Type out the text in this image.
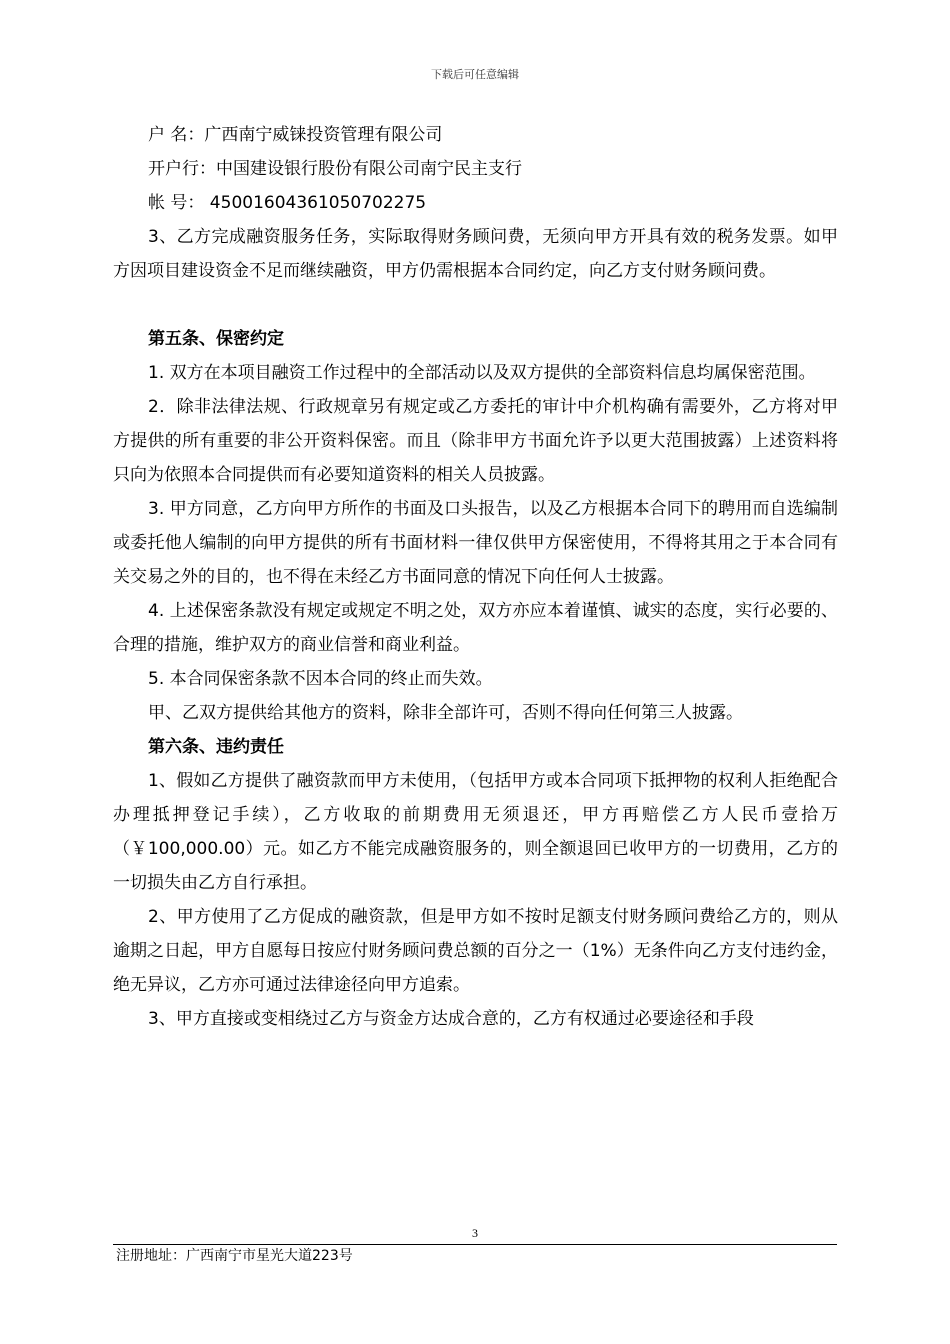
下载后可任意编辑

户 名：广西南宁威铼投资管理有限公司

开户行：中国建设银行股份有限公司南宁民主支行

帐 号： 45001604361050702275

3、乙方完成融资服务任务，实际取得财务顾问费，无须向甲方开具有效的税务发票。如甲方因项目建设资金不足而继续融资，甲方仍需根据本合同约定，向乙方支付财务顾问费。

第五条、保密约定

1. 双方在本项目融资工作过程中的全部活动以及双方提供的全部资料信息均属保密范围。

2．除非法律法规、行政规章另有规定或乙方委托的审计中介机构确有需要外，乙方将对甲方提供的所有重要的非公开资料保密。而且（除非甲方书面允许予以更大范围披露）上述资料将只向为依照本合同提供而有必要知道资料的相关人员披露。

3. 甲方同意，乙方向甲方所作的书面及口头报告，以及乙方根据本合同下的聘用而自选编制或委托他人编制的向甲方提供的所有书面材料一律仅供甲方保密使用，不得将其用之于本合同有关交易之外的目的，也不得在未经乙方书面同意的情况下向任何人士披露。

4. 上述保密条款没有规定或规定不明之处，双方亦应本着谨慎、诚实的态度，实行必要的、合理的措施，维护双方的商业信誉和商业利益。

5. 本合同保密条款不因本合同的终止而失效。

甲、乙双方提供给其他方的资料，除非全部许可，否则不得向任何第三人披露。

第六条、违约责任

1、假如乙方提供了融资款而甲方未使用，（包括甲方或本合同项下抵押物的权利人拒绝配合办理抵押登记手续），乙方收取的前期费用无须退还，甲方再赔偿乙方人民币壹拾万（￥100,000.00）元。如乙方不能完成融资服务的，则全额退回已收甲方的一切费用，乙方的一切损失由乙方自行承担。

2、甲方使用了乙方促成的融资款，但是甲方如不按时足额支付财务顾问费给乙方的，则从逾期之日起，甲方自愿每日按应付财务顾问费总额的百分之一（1%）无条件向乙方支付违约金，绝无异议，乙方亦可通过法律途径向甲方追索。

3、甲方直接或变相绕过乙方与资金方达成合意的，乙方有权通过必要途径和手段

3
注册地址：广西南宁市星光大道223号
